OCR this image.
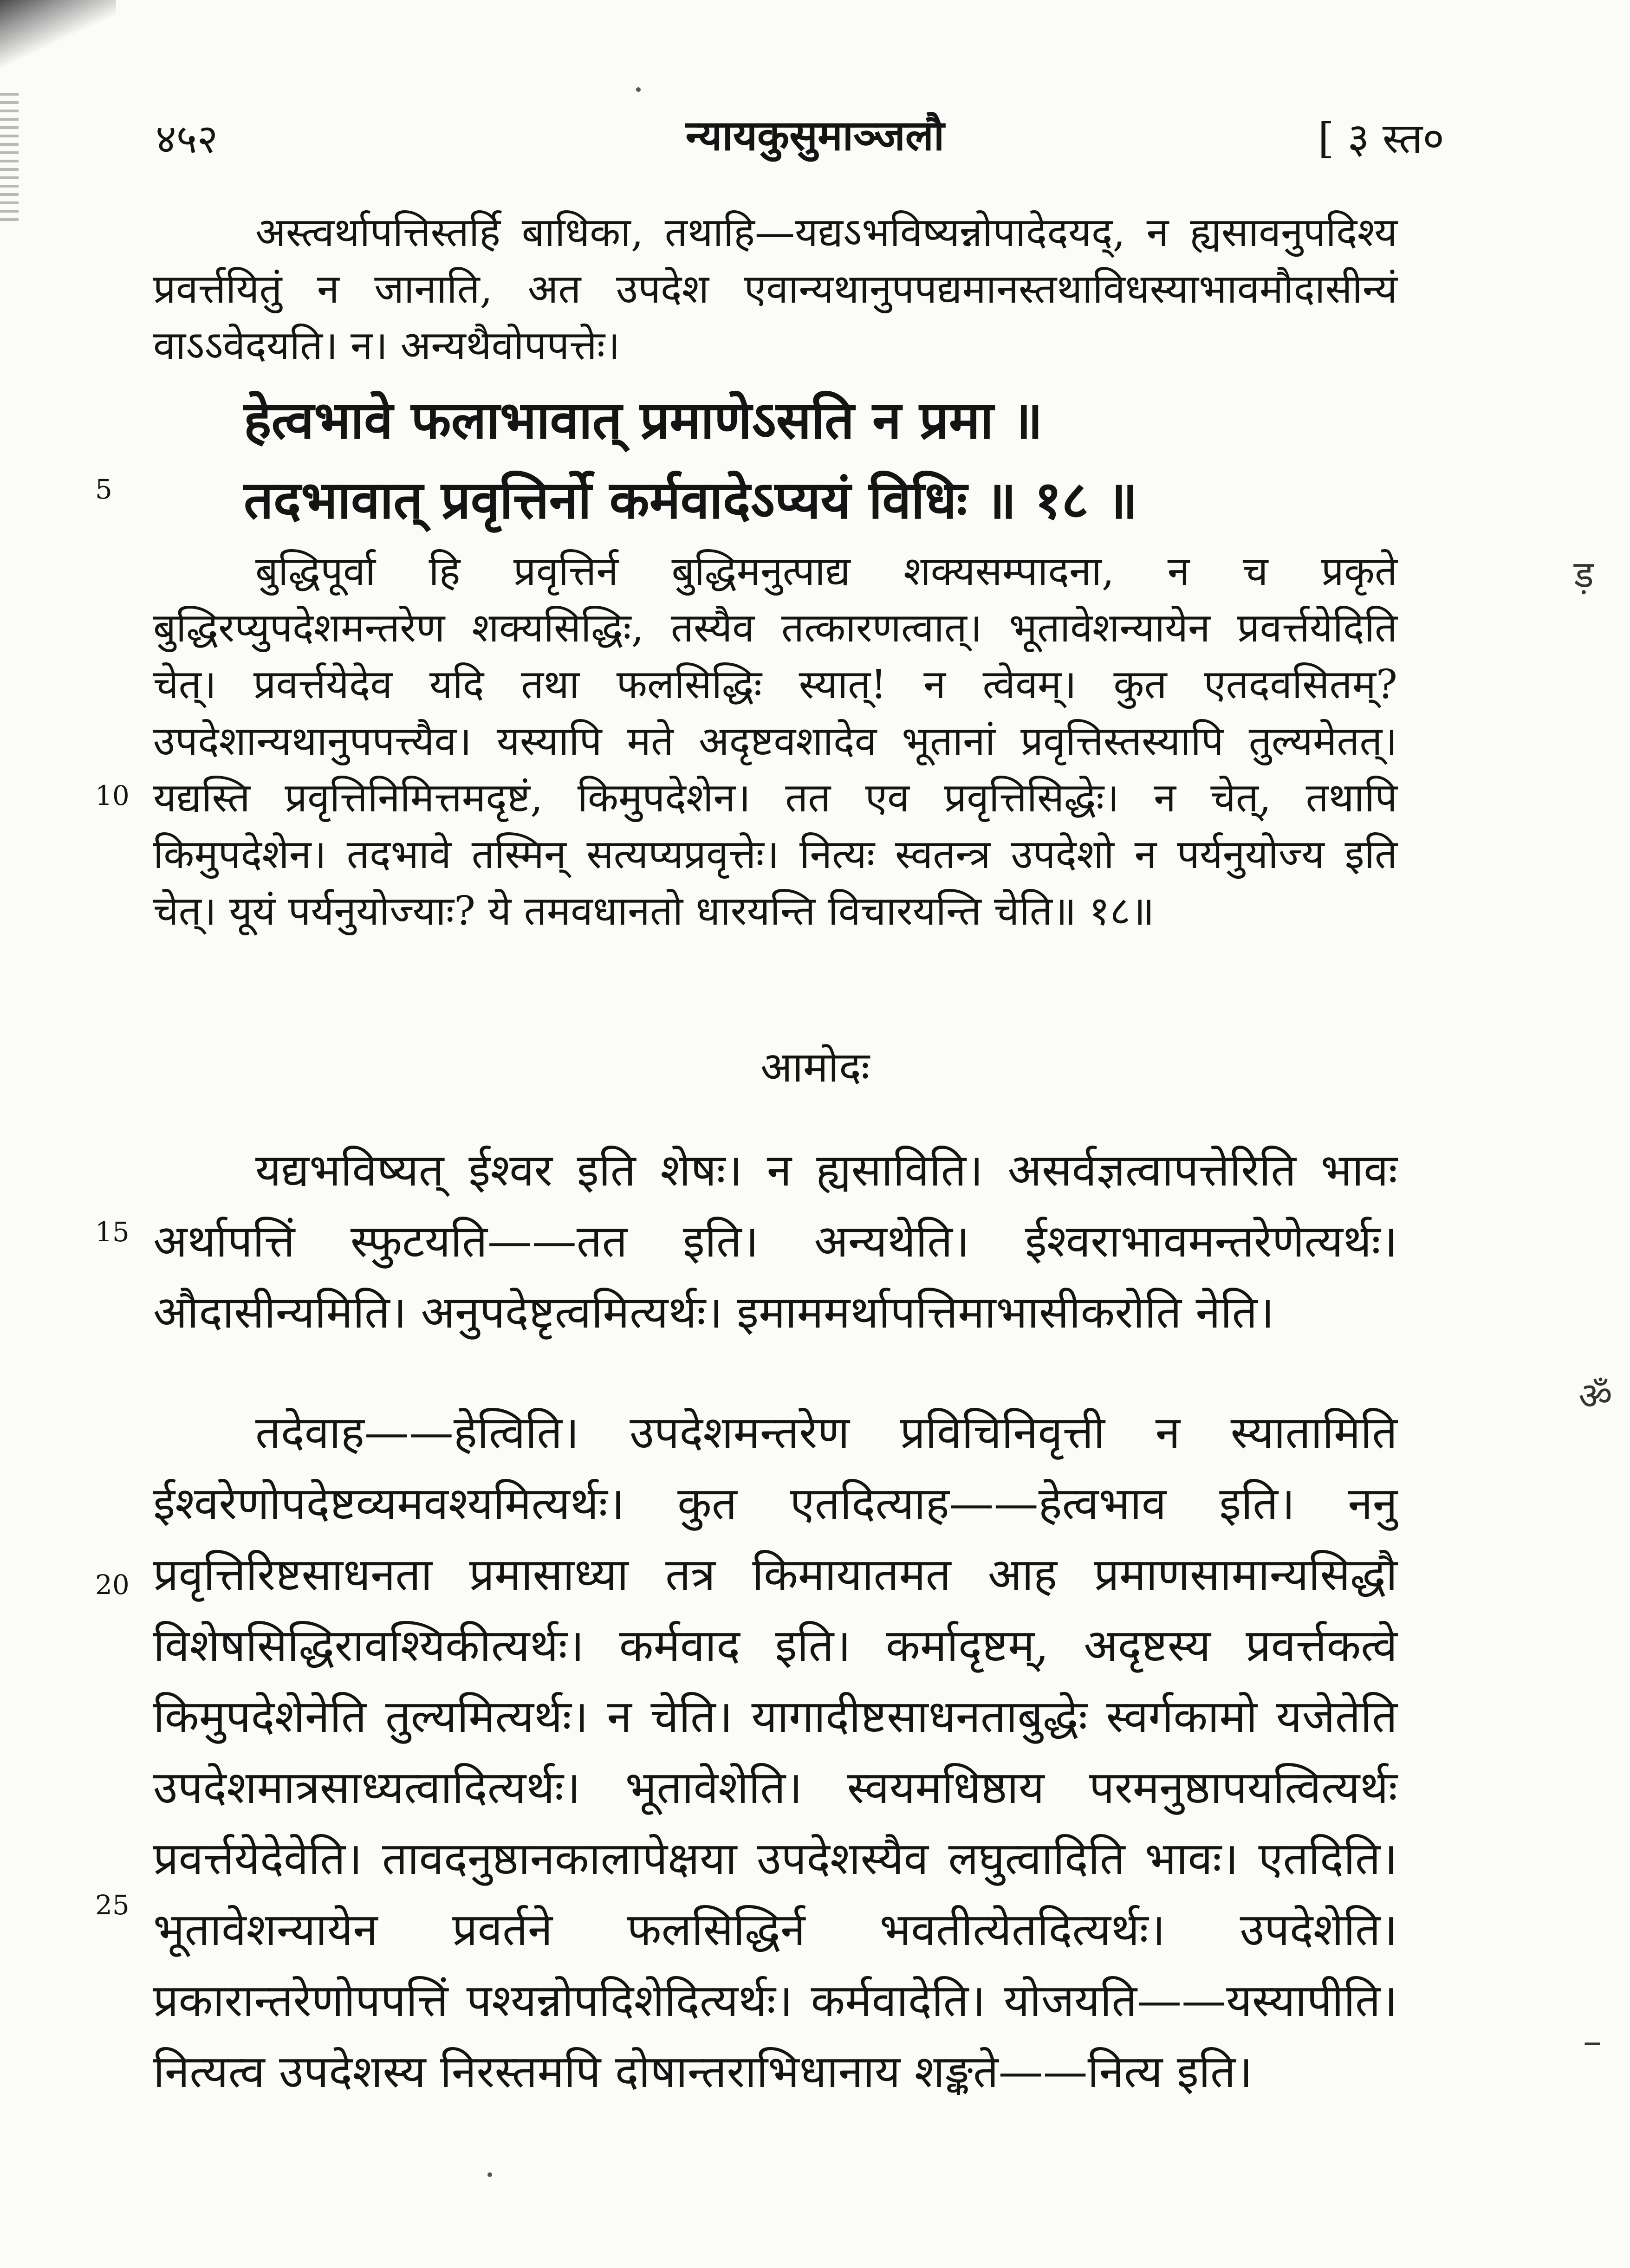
४५२	न्यायकुसुमाञ्जलौ	[ ३ स्त०
अस्त्वर्थापत्तिस्तर्हि बाधिका, तथाहि—यद्यऽभविष्यन्नोपादेदयद्, न ह्यसावनुपदिश्य प्रवर्त्तयितुं न जानाति, अत उपदेश एवान्यथानुपपद्यमानस्तथाविधस्याभावमौदासीन्यं वाऽऽवेदयति। न। अन्यथैवोपपत्तेः।
हेत्वभावे फलाभावात् प्रमाणेऽसति न प्रमा ॥
तदभावात् प्रवृत्तिर्नो कर्मवादेऽप्ययं विधिः ॥ १८ ॥
बुद्धिपूर्वा हि प्रवृत्तिर्न बुद्धिमनुत्पाद्य शक्यसम्पादना, न च प्रकृते बुद्धिरप्युपदेशमन्तरेण शक्यसिद्धिः, तस्यैव तत्कारणत्वात्। भूतावेशन्यायेन प्रवर्त्तयेदिति चेत्। प्रवर्त्तयेदेव यदि तथा फलसिद्धिः स्यात्! न त्वेवम्। कुत एतदवसितम्? उपदेशान्यथानुपपत्त्यैव। यस्यापि मते अदृष्टवशादेव भूतानां प्रवृत्तिस्तस्यापि तुल्यमेतत्। यद्यस्ति प्रवृत्तिनिमित्तमदृष्टं, किमुपदेशेन। तत एव प्रवृत्तिसिद्धेः। न चेत्, तथापि किमुपदेशेन। तदभावे तस्मिन् सत्यप्यप्रवृत्तेः। नित्यः स्वतन्त्र उपदेशो न पर्यनुयोज्य इति चेत्। यूयं पर्यनुयोज्याः? ये तमवधानतो धारयन्ति विचारयन्ति चेति॥ १८॥
आमोदः
यद्यभविष्यत् ईश्वर इति शेषः। न ह्यसाविति। असर्वज्ञत्वापत्तेरिति भावः अर्थापत्तिं स्फुटयति——तत इति। अन्यथेति। ईश्वराभावमन्तरेणेत्यर्थः। औदासीन्यमिति। अनुपदेष्टृत्वमित्यर्थः। इमाममर्थापत्तिमाभासीकरोति नेति।
तदेवाह——हेत्विति। उपदेशमन्तरेण प्रविचिनिवृत्ती न स्यातामिति ईश्वरेणोपदेष्टव्यमवश्यमित्यर्थः। कुत एतदित्याह——हेत्वभाव इति। ननु प्रवृत्तिरिष्टसाधनता प्रमासाध्या तत्र किमायातमत आह प्रमाणसामान्यसिद्धौ विशेषसिद्धिरावश्यिकीत्यर्थः। कर्मवाद इति। कर्मादृष्टम्, अदृष्टस्य प्रवर्त्तकत्वे किमुपदेशेनेति तुल्यमित्यर्थः। न चेति। यागादीष्टसाधनताबुद्धेः स्वर्गकामो यजेतेति उपदेशमात्रसाध्यत्वादित्यर्थः। भूतावेशेति। स्वयमधिष्ठाय परमनुष्ठापयत्वित्यर्थः प्रवर्त्तयेदेवेति। तावदनुष्ठानकालापेक्षया उपदेशस्यैव लघुत्वादिति भावः। एतदिति। भूतावेशन्यायेन प्रवर्तने फलसिद्धिर्न भवतीत्येतदित्यर्थः। उपदेशेति। प्रकारान्तरेणोपपत्तिं पश्यन्नोपदिशेदित्यर्थः। कर्मवादेति। योजयति——यस्यापीति। नित्यत्व उपदेशस्य निरस्तमपि दोषान्तराभिधानाय शङ्कते——नित्य इति।
5
10
15
20
25
ड़
ॐ
–
